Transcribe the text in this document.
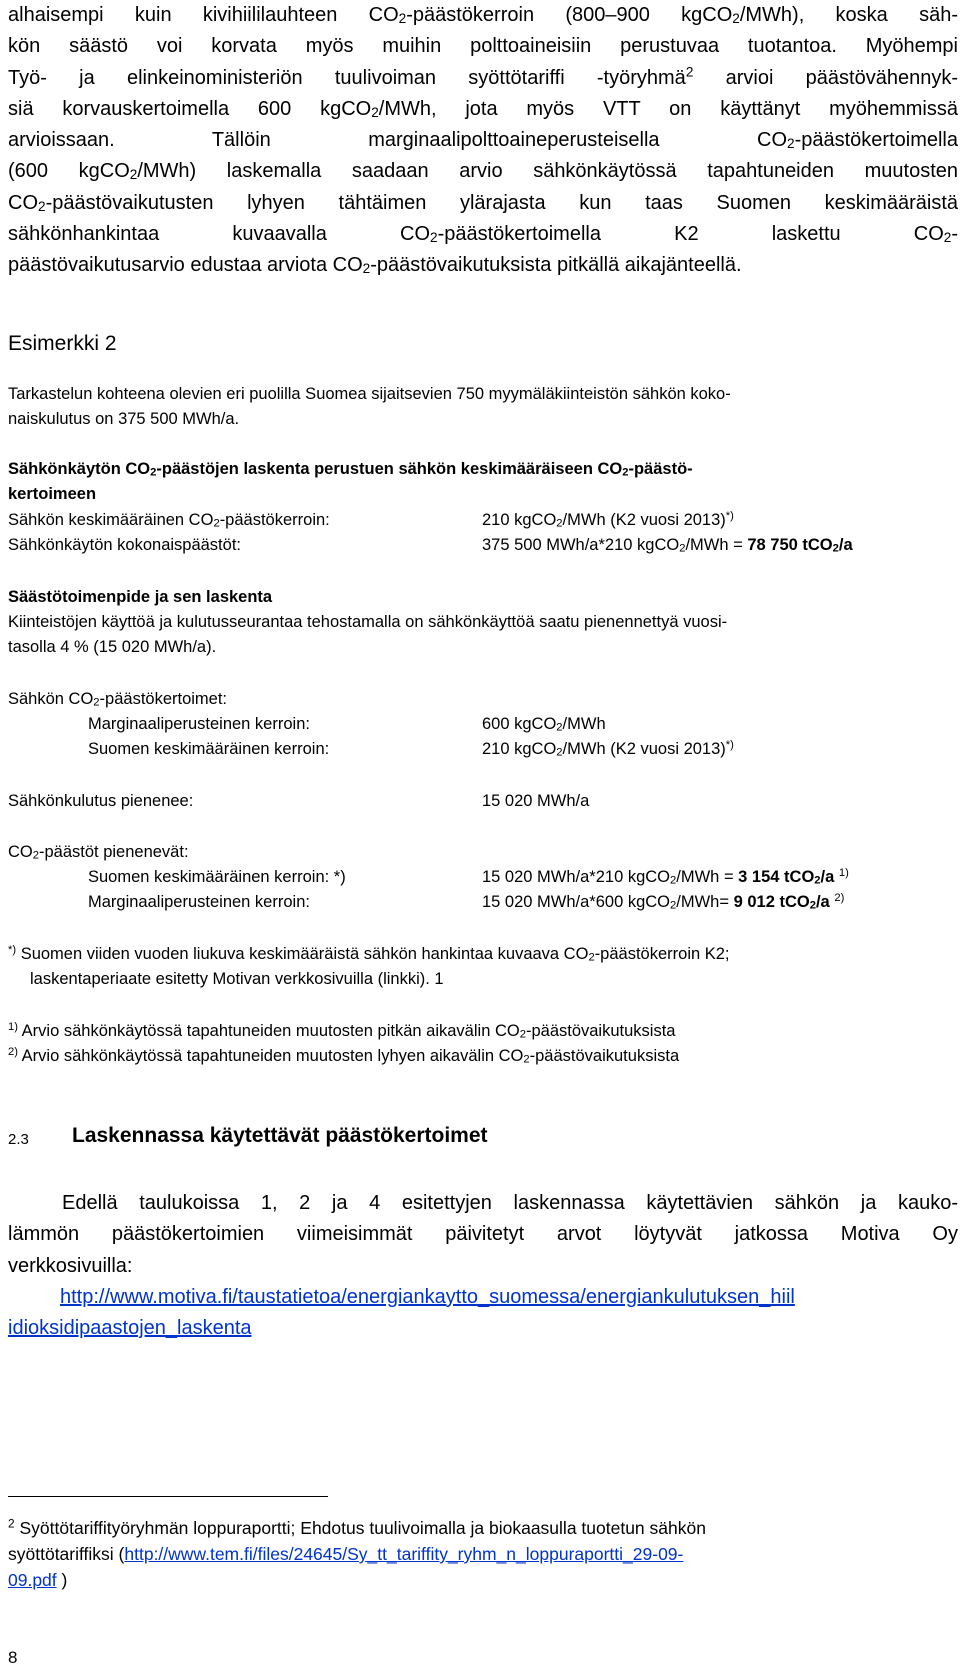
alhaisempi kuin kivihiililauhteen $CO_2$-päästökerroin (800–900 kgCO$_2$/MWh), koska säh-

kön säästö voi korvata myös muihin polttoaineisiin perustuvaa tuotantoa. Myöhempi

Työ- ja elinkeinoministeriön tuulivoiman syöttötariffi -työryhmä$^2$ arvioi päästövähennyk-

siä korvauskertoimella 600 kgCO$_2$/MWh, jota myös VTT on käyttänyt myöhemmissä

arvioissaan. Tällöin marginaalipolttoaineperusteisella $CO_2$-päästökertoimella

(600 kgCO$_2$/MWh) laskemalla saadaan arvio sähkönkäytössä tapahtuneiden muutosten

$CO_2$-päästövaikutusten lyhyen tähtäimen ylärajasta kun taas Suomen keskimääräistä

sähkönhankintaa kuvaavalla $CO_2$-päästökertoimella K2 laskettu $CO_2-$

päästövaikutusarvio edustaa arviota $CO_2$-päästövaikutuksista pitkällä aikajänteellä.

Esimerkki 2
Tarkastelun kohteena olevien eri puolilla Suomea sijaitsevien 750 myymäläkiinteistön sähkön koko-
naiskulutus on 375 500 MWh/a.
Sähkönkäytön $CO_2$-päästöjen laskenta perustuen sähkön keskimääräiseen $CO_2-päästö-$
kertoimeen
Sähkön keskimääräinen $CO_2$-päästökerroin:	210 kgCO$_2$/MWh (K2 vuosi 2013)*)
Sähkönkäytön kokonaispäästöt:	375 500 MWh/a*210 kgCO$_2$/MWh = 78 750 tCO$_2$/a
Säästötoimenpide ja sen laskenta
Kiinteistöjen käyttöä ja kulutusseurantaa tehostamalla on sähkönkäyttöä saatu pienennettyä vuosi-
tasolla 4 % (15 020 MWh/a).
Sähkön $CO_2$-päästökertoimet:
Marginaaliperusteinen kerroin:	600 kgCO$_2$/MWh
Suomen keskimääräinen kerroin:	210 kgCO$_2$/MWh (K2 vuosi 2013)*)
Sähkönkulutus pienenee:	15 020 MWh/a
$CO_2$-päästöt pienenevät:
Suomen keskimääräinen kerroin: *)	15 020 MWh/a*210 kgCO$_2$/MWh = 3 154 tCO$_2$/a $^{1)}$
Marginaaliperusteinen kerroin:	15 020 MWh/a*600 kgCO$_2$/MWh= 9 012 tCO$_2$/a $^{2)}$
*) Suomen viiden vuoden liukuva keskimääräistä sähkön hankintaa kuvaava $CO_2$-päästökerroin K2;
laskentaperiaate esitetty Motivan verkkosivuilla (linkki). 1
$^{1)}$ Arvio sähkönkäytössä tapahtuneiden muutosten pitkän aikavälin $CO_2$-päästövaikutuksista
$^{2)}$ Arvio sähkönkäytössä tapahtuneiden muutosten lyhyen aikavälin $CO_2$-päästövaikutuksista
2.3 Laskennassa käytettävät päästökertoimet

Edellä taulukoissa 1, 2 ja 4 esitettyjen laskennassa käytettävien sähkön ja kauko-

lämmön päästökertoimien viimeisimmät päivitetyt arvot löytyvät jatkossa Motiva Oy

verkkosivuilla:

http://www.motiva.fi/taustatietoa/energiankaytto_suomessa/energiankulutuksen_hiil

idioksidipaastojen_laskenta

$^2$ Syöttötariffityöryhmän loppuraportti; Ehdotus tuulivoimalla ja biokaasulla tuotetun sähkön
syöttötariffiksi (http://www.tem.fi/files/24645/Sy_tt_tariffity_ryhm_n_loppuraportti_29-09-
09.pdf )
8
